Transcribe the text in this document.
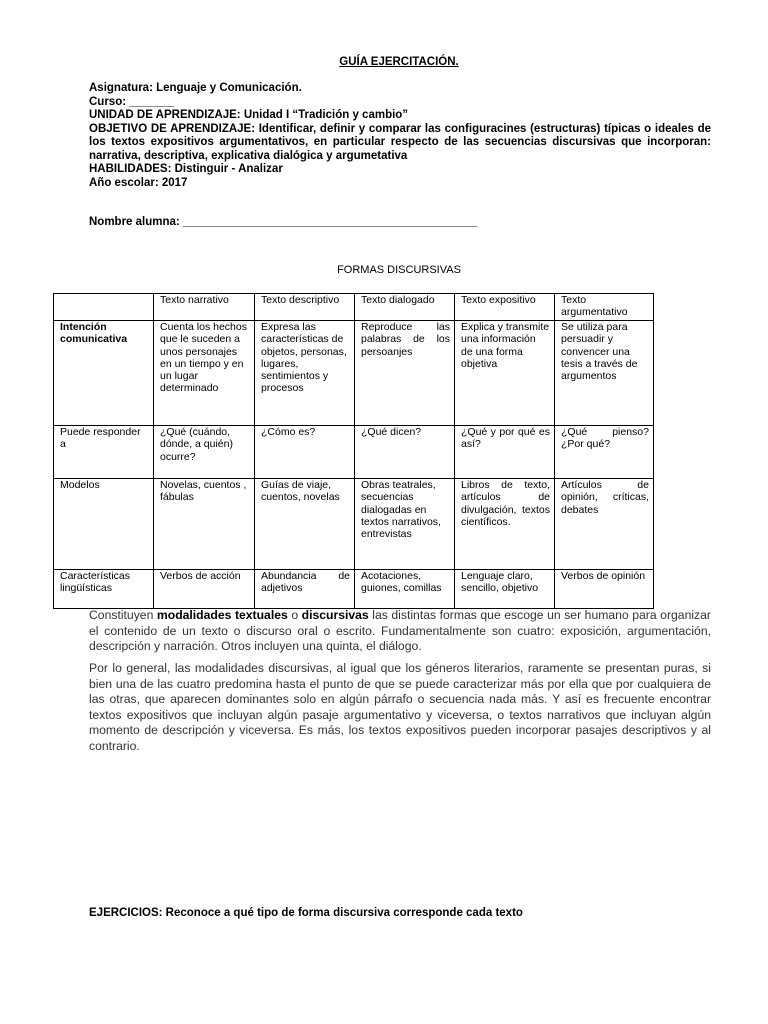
GUÍA EJERCITACIÓN.
Asignatura: Lenguaje y Comunicación.
Curso: _______
UNIDAD DE APRENDIZAJE: Unidad I “Tradición y cambio”
OBJETIVO DE APRENDIZAJE: Identificar, definir y comparar las configuracines (estructuras) típicas o ideales de los textos expositivos argumentativos, en particular respecto de las secuencias discursivas que incorporan: narrativa, descriptiva, explicativa dialógica y argumetativa
HABILIDADES: Distinguir - Analizar
Año escolar: 2017
Nombre alumna: ______________________________________________
FORMAS DISCURSIVAS
	Texto narrativo	Texto descriptivo	Texto dialogado	Texto expositivo	Texto argumentativo
Intención comunicativa	Cuenta los hechos que le suceden a unos personajes en un tiempo y en un lugar determinado	Expresa las características de objetos, personas, lugares, sentimientos y procesos	Reproduce las palabras de los persoanjes	Explica y transmite una información de una forma objetiva	Se utiliza para persuadir y convencer una tesis a través de argumentos
Puede responder a	¿Qué (cuándo, dónde, a quién) ocurre?	¿Cómo es?	¿Qué dicen?	¿Qué y por qué es así?	¿Qué pienso? ¿Por qué?
Modelos	Novelas, cuentos , fábulas	Guías de viaje, cuentos, novelas	Obras teatrales, secuencias dialogadas en textos narrativos, entrevistas	Libros de texto, artículos de divulgación, textos científicos.	Artículos de opinión, críticas, debates
Características lingüísticas	Verbos de acción	Abundancia de adjetivos	Acotaciones, guiones, comillas	Lenguaje claro, sencillo, objetivo	Verbos de opinión
Constituyen modalidades textuales o discursivas las distintas formas que escoge un ser humano para organizar el contenido de un texto o discurso oral o escrito. Fundamentalmente son cuatro: exposición, argumentación, descripción y narración. Otros incluyen una quinta, el diálogo.
Por lo general, las modalidades discursivas, al igual que los géneros literarios, raramente se presentan puras, si bien una de las cuatro predomina hasta el punto de que se puede caracterizar más por ella que por cualquiera de las otras, que aparecen dominantes solo en algún párrafo o secuencia nada más. Y así es frecuente encontrar textos expositivos que incluyan algún pasaje argumentativo y viceversa, o textos narrativos que incluyan algún momento de descripción y viceversa. Es más, los textos expositivos pueden incorporar pasajes descriptivos y al contrario.
EJERCICIOS: Reconoce a qué tipo de forma discursiva corresponde cada texto
